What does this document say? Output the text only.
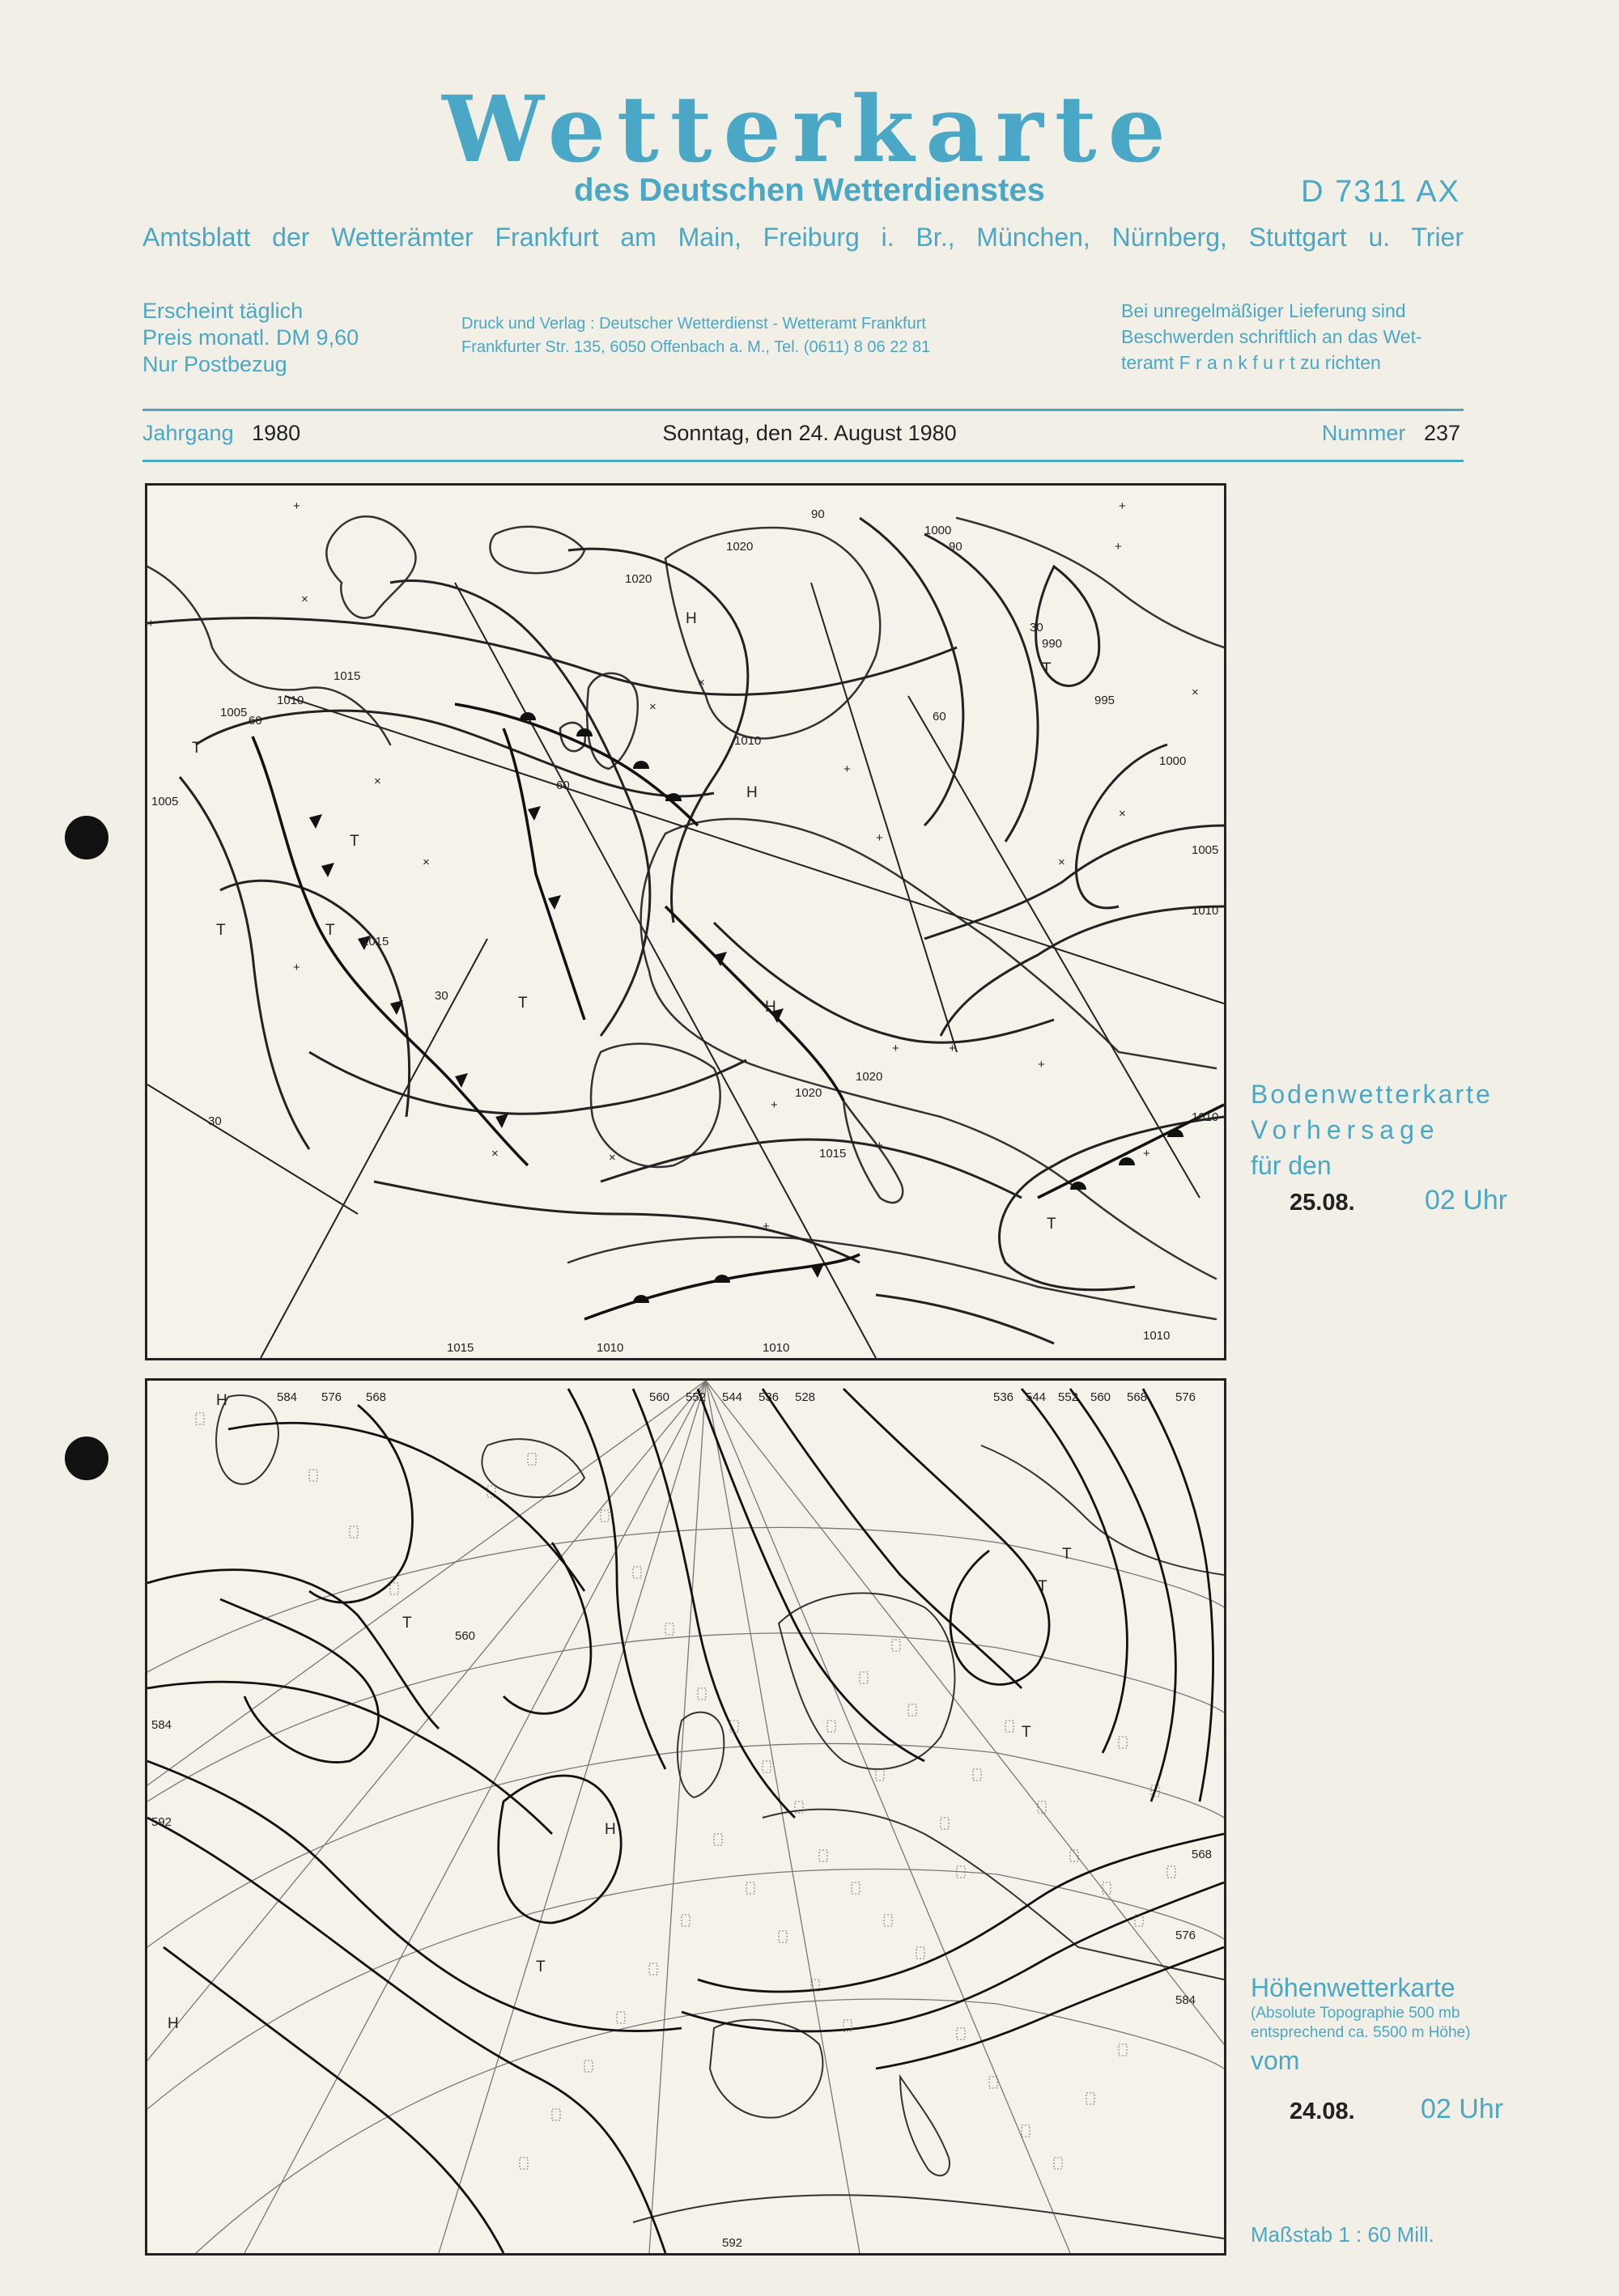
Wetterkarte
des Deutschen Wetterdienstes	D 7311 AX
Amtsblatt der Wetterämter Frankfurt am Main, Freiburg i. Br., München, Nürnberg, Stuttgart u. Trier
Erscheint täglich
Preis monatl. DM 9,60
Nur Postbezug
Druck und Verlag : Deutscher Wetterdienst - Wetteramt Frankfurt
Frankfurter Str. 135, 6050 Offenbach a. M., Tel. (0611) 8 06 22 81
Bei unregelmäßiger Lieferung sind
Beschwerden schriftlich an das Wet-
teramt F r a n k f u r t zu richten
Jahrgang 1980	Sonntag, den 24. August 1980	Nummer 237
+	+
+
×
+
×
×
×
×
+
+
×
×
×
+	+
+
×	×
+
+
+
+
+
1015
1010
1005
1005
1020
1020
1010
1000
990
995
1000
1005
1010
1020
1015
1010
1015	1010	1010
1010
1015
1020
H
H
H
T
T
T
T
T
T
T
60
60
30
30
90
90
60
30
Bodenwetterkarte
Vorhersage
für den
25.08.	02 Uhr
584 576 568	560 552 544 536 528	536 544 552 560 568 576
560
584
592
568
576
584
592
H
T
T
H
T
H
T
T
Höhenwetterkarte
(Absolute Topographie 500 mb
entsprechend ca. 5500 m Höhe)
vom
24.08. 02 Uhr
Maßstab 1 : 60 Mill.
